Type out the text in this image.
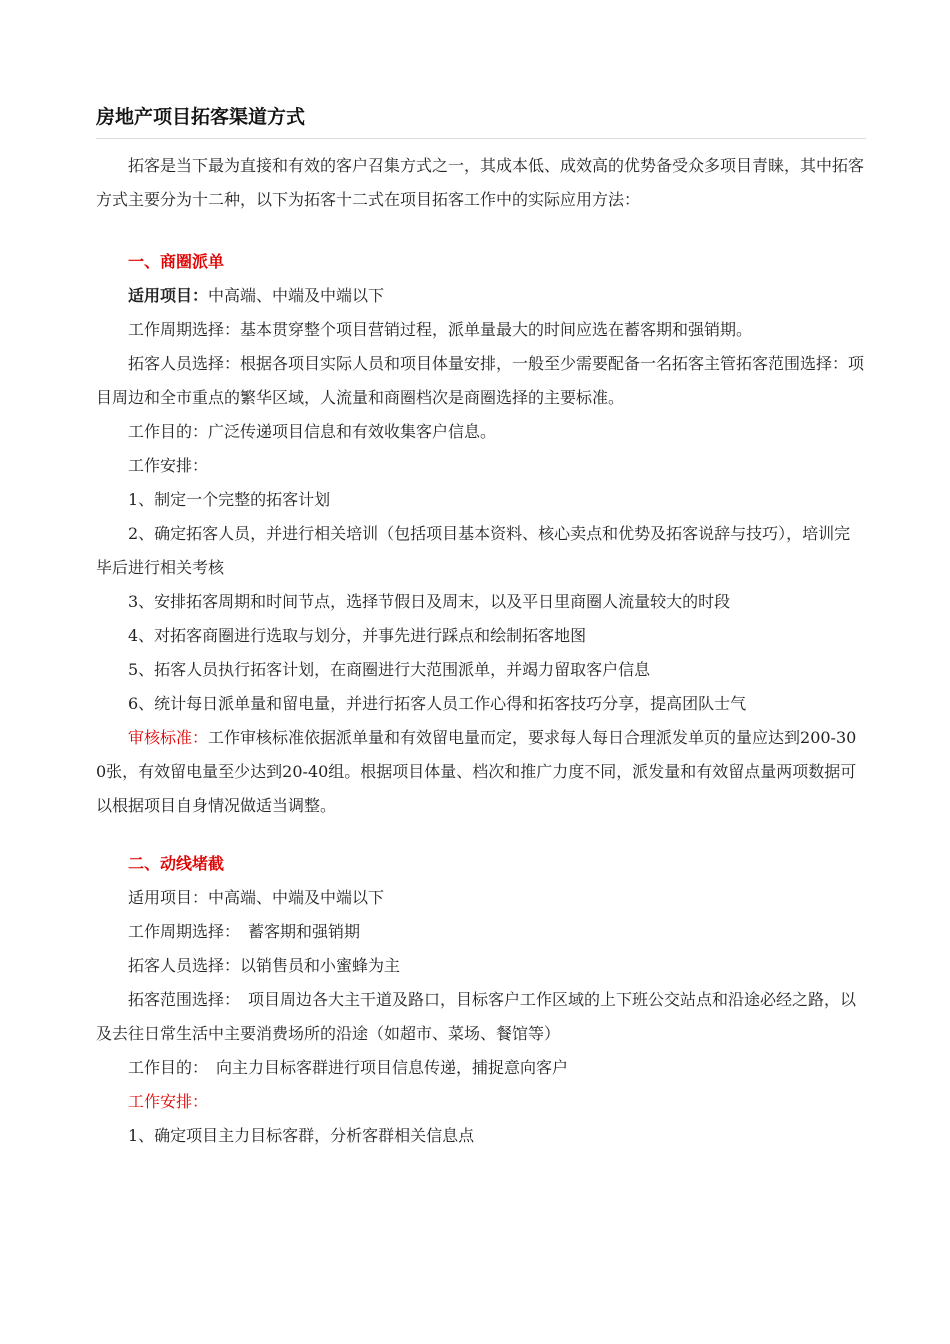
房地产项目拓客渠道方式
拓客是当下最为直接和有效的客户召集方式之一，其成本低、成效高的优势备受众多项目青睐，其中拓客方式主要分为十二种，以下为拓客十二式在项目拓客工作中的实际应用方法：
一、商圈派单
适用项目：中高端、中端及中端以下
工作周期选择：基本贯穿整个项目营销过程，派单量最大的时间应选在蓄客期和强销期。
拓客人员选择：根据各项目实际人员和项目体量安排，一般至少需要配备一名拓客主管拓客范围选择：项目周边和全市重点的繁华区域，人流量和商圈档次是商圈选择的主要标准。
工作目的：广泛传递项目信息和有效收集客户信息。
工作安排：
1、制定一个完整的拓客计划
2、确定拓客人员，并进行相关培训（包括项目基本资料、核心卖点和优势及拓客说辞与技巧），培训完毕后进行相关考核
3、安排拓客周期和时间节点，选择节假日及周末，以及平日里商圈人流量较大的时段
4、对拓客商圈进行选取与划分，并事先进行踩点和绘制拓客地图
5、拓客人员执行拓客计划，在商圈进行大范围派单，并竭力留取客户信息
6、统计每日派单量和留电量，并进行拓客人员工作心得和拓客技巧分享，提高团队士气
审核标准：工作审核标准依据派单量和有效留电量而定，要求每人每日合理派发单页的量应达到200-300张，有效留电量至少达到20-40组。根据项目体量、档次和推广力度不同，派发量和有效留点量两项数据可以根据项目自身情况做适当调整。
二、动线堵截
适用项目：中高端、中端及中端以下
工作周期选择：　蓄客期和强销期
拓客人员选择：以销售员和小蜜蜂为主
拓客范围选择：　项目周边各大主干道及路口，目标客户工作区域的上下班公交站点和沿途必经之路，以及去往日常生活中主要消费场所的沿途（如超市、菜场、餐馆等）
工作目的：　向主力目标客群进行项目信息传递，捕捉意向客户
工作安排：
1、确定项目主力目标客群，分析客群相关信息点
